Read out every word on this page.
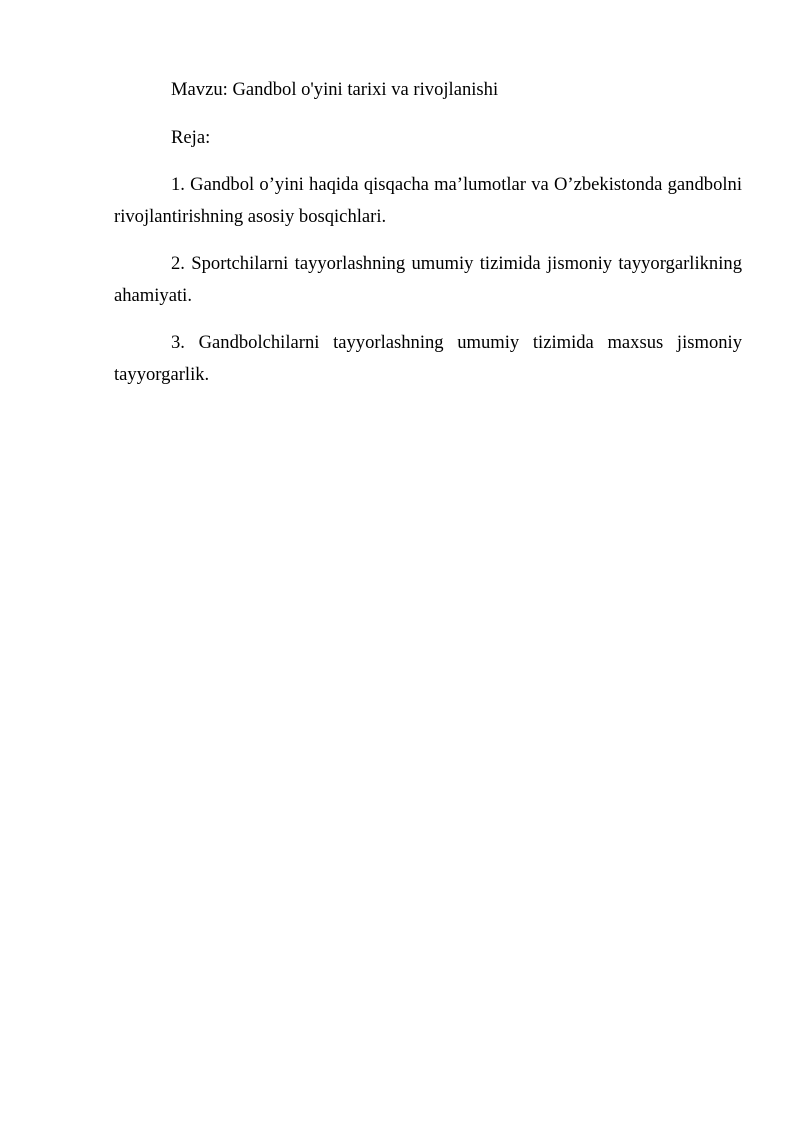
Mavzu: Gandbol o'yini tarixi va rivojlanishi

Reja:

1. Gandbol o’yini haqida qisqacha ma’lumotlar va O’zbekistonda gandbolni rivojlantirishning asosiy bosqichlari.

2. Sportchilarni tayyorlashning umumiy tizimida jismoniy tayyorgarlikning ahamiyati.

3. Gandbolchilarni tayyorlashning umumiy tizimida maxsus jismoniy tayyorgarlik.
